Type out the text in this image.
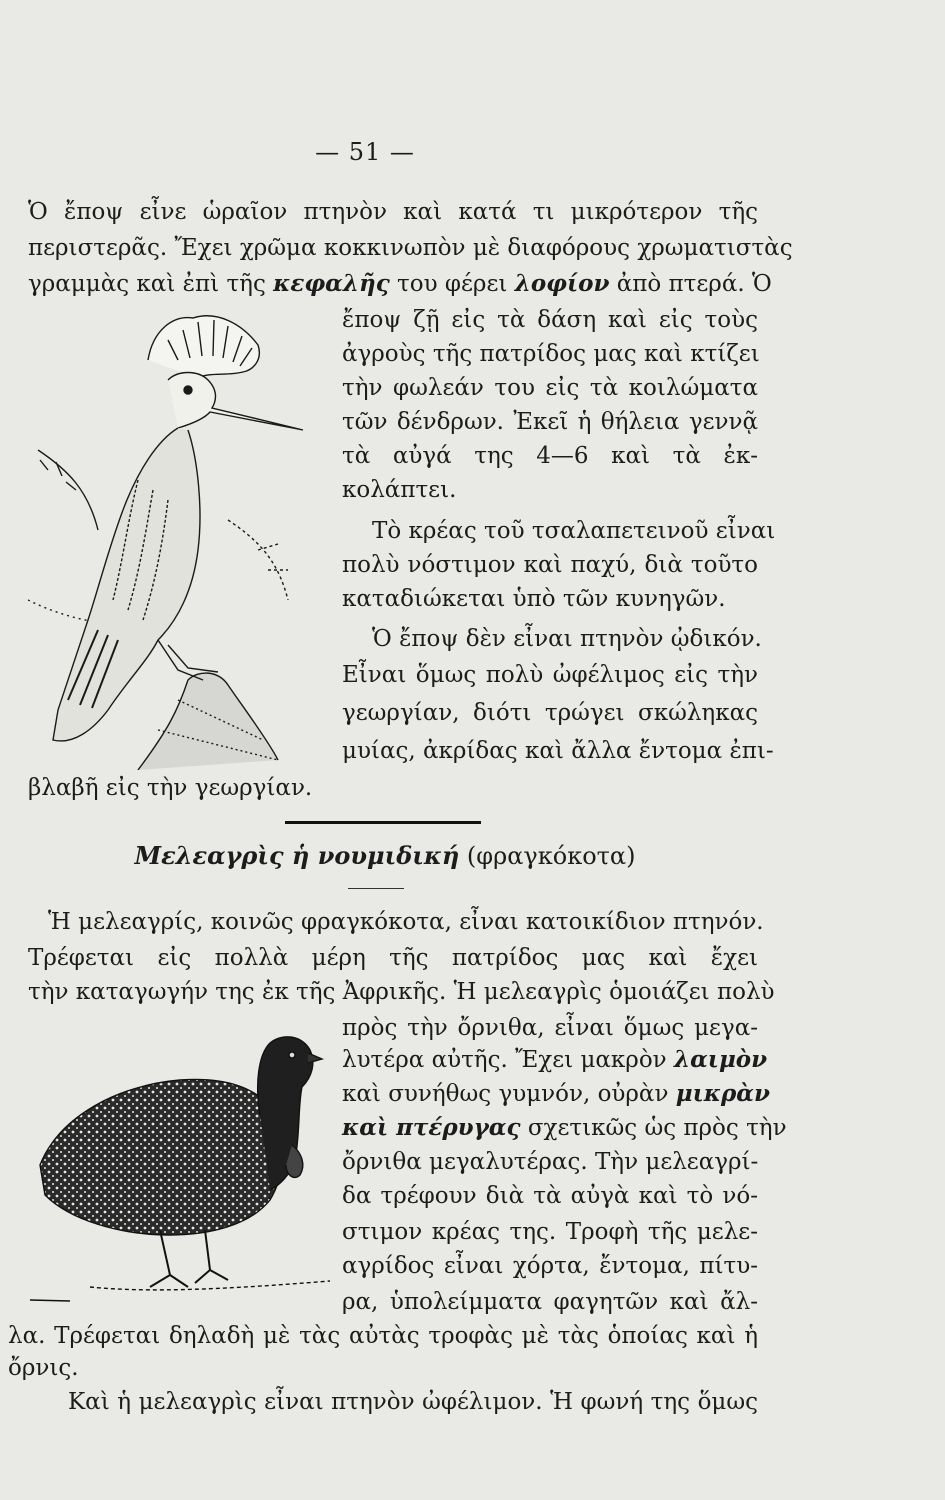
— 51 —
Ὁ ἔποψ εἶνε ὡραῖον πτηνὸν καὶ κατά τι μικρότερον τῆς
περιστερᾶς. Ἔχει χρῶμα κοκκινωπὸν μὲ διαφόρους χρωματιστὰς
γραμμὰς καὶ ἐπὶ τῆς κεφαλῆς του φέρει λοφίον ἀπὸ πτερά. Ὁ
ἔποψ ζῇ εἰς τὰ δάση καὶ εἰς τοὺς
ἀγροὺς τῆς πατρίδος μας καὶ κτίζει
τὴν φωλεάν του εἰς τὰ κοιλώματα
τῶν δένδρων. Ἐκεῖ ἡ θήλεια γεννᾷ
τὰ αὐγά της 4—6 καὶ τὰ ἐκ-
κολάπτει.
Τὸ κρέας τοῦ τσαλαπετεινοῦ εἶναι
πολὺ νόστιμον καὶ παχύ, διὰ τοῦτο
καταδιώκεται ὑπὸ τῶν κυνηγῶν.
Ὁ ἔποψ δὲν εἶναι πτηνὸν ᾠδικόν.
Εἶναι ὅμως πολὺ ὠφέλιμος εἰς τὴν
γεωργίαν, διότι τρώγει σκώληκας
μυίας, ἀκρίδας καὶ ἄλλα ἔντομα ἐπι-
βλαβῆ εἰς τὴν γεωργίαν.
Μελεαγρὶς ἡ νουμιδική (φραγκόκοτα)
Ἡ μελεαγρίς, κοινῶς φραγκόκοτα, εἶναι κατοικίδιον πτηνόν.
Τρέφεται εἰς πολλὰ μέρη τῆς πατρίδος μας καὶ ἔχει
τὴν καταγωγήν της ἐκ τῆς Ἀφρικῆς. Ἡ μελεαγρὶς ὁμοιάζει πολὺ
πρὸς τὴν ὄρνιθα, εἶναι ὅμως μεγα-
λυτέρα αὐτῆς. Ἔχει μακρὸν λαιμὸν
καὶ συνήθως γυμνόν, οὐρὰν μικρὰν
καὶ πτέρυγας σχετικῶς ὡς πρὸς τὴν
ὄρνιθα μεγαλυτέρας. Τὴν μελεαγρί-
δα τρέφουν διὰ τὰ αὐγὰ καὶ τὸ νό-
στιμον κρέας της. Τροφὴ τῆς μελε-
αγρίδος εἶναι χόρτα, ἔντομα, πίτυ-
ρα, ὑπολείμματα φαγητῶν καὶ ἄλ-
λα. Τρέφεται δηλαδὴ μὲ τὰς αὐτὰς τροφὰς μὲ τὰς ὁποίας καὶ ἡ
ὄρνις.
Καὶ ἡ μελεαγρὶς εἶναι πτηνὸν ὠφέλιμον. Ἡ φωνή της ὅμως
